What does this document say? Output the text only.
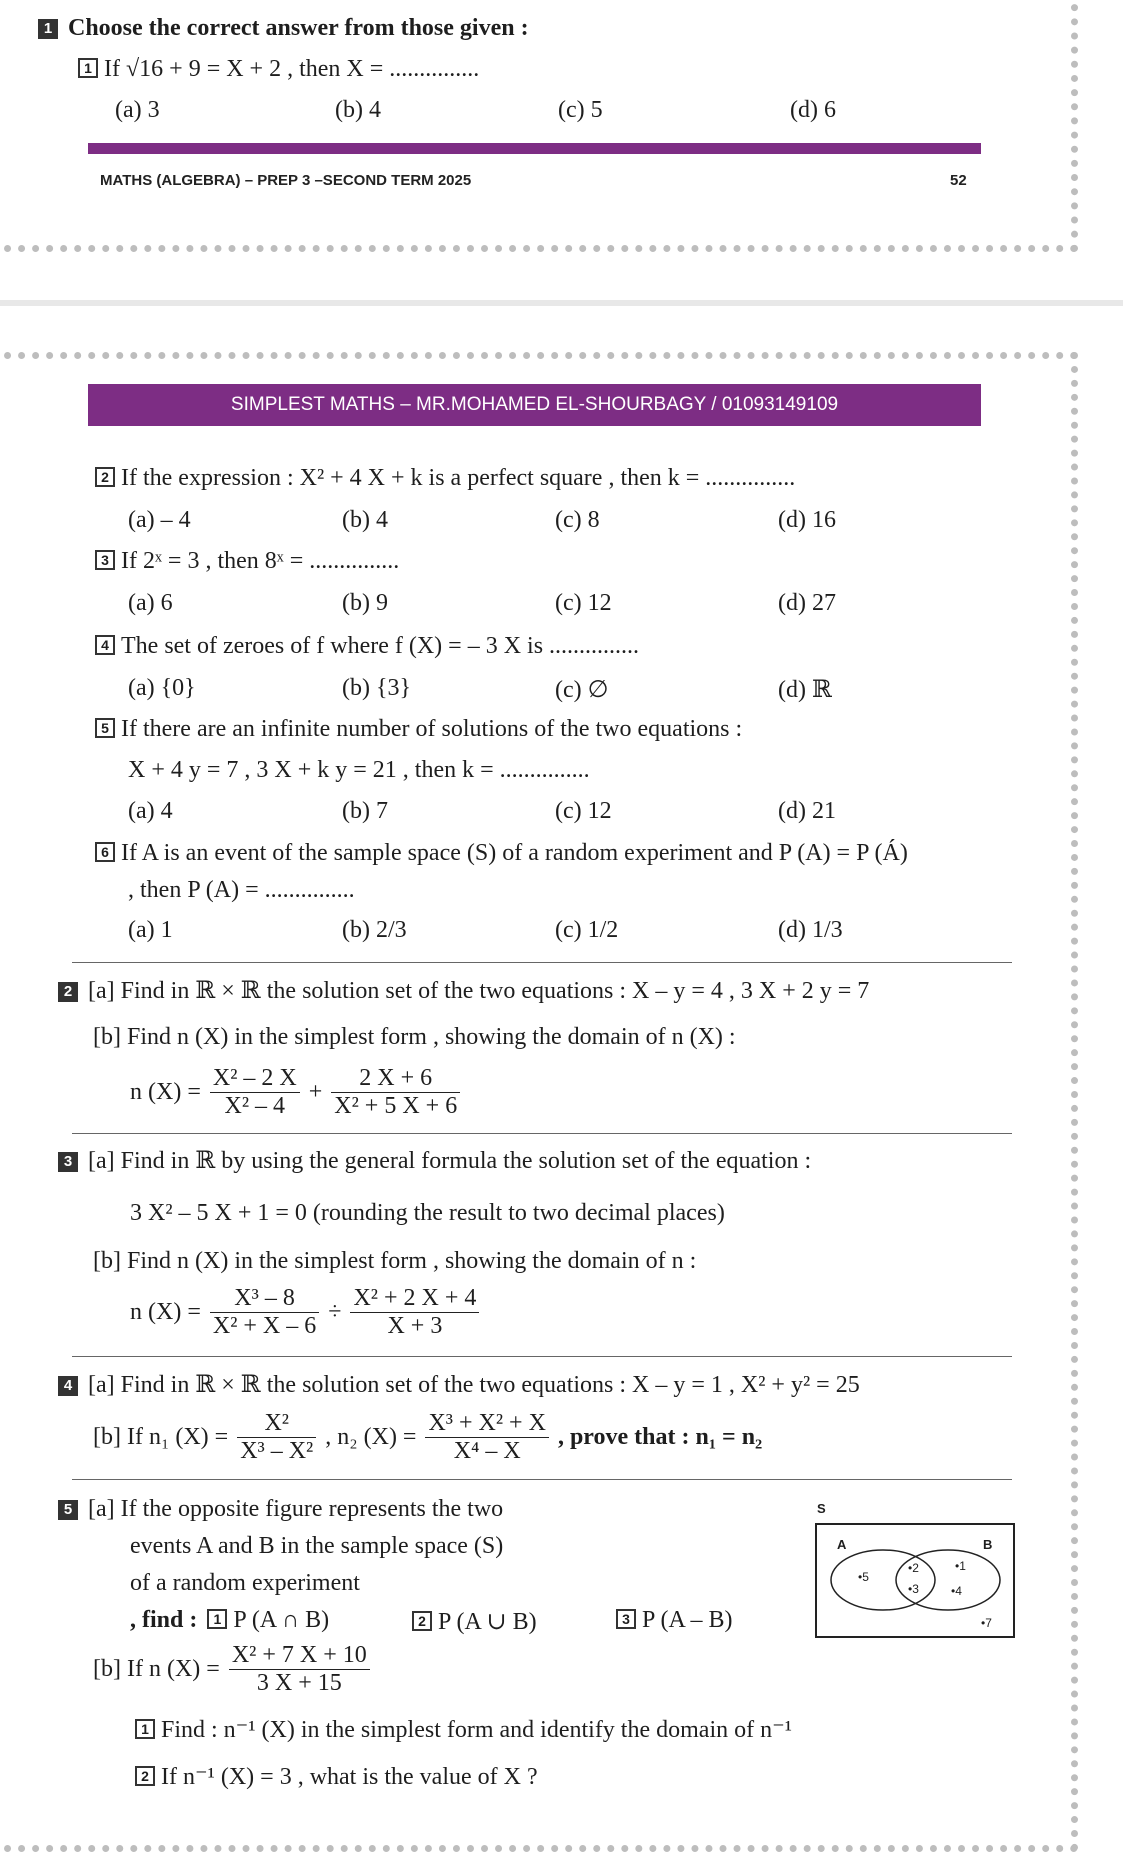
1 Choose the correct answer from those given :
1 If √16 + 9 = X + 2 , then X = ...............
(a) 3	(b) 4	(c) 5	(d) 6
MATHS (ALGEBRA) – PREP 3 –SECOND TERM 2025	52
SIMPLEST MATHS – MR.MOHAMED EL-SHOURBAGY / 01093149109
2 If the expression : X² + 4 X + k is a perfect square , then k = ...............
(a) – 4	(b) 4	(c) 8	(d) 16
3 If 2ˣ = 3 , then 8ˣ = ...............
(a) 6	(b) 9	(c) 12	(d) 27
4 The set of zeroes of f where f (X) = – 3 X is ...............
(a) {0}	(b) {3}	(c) ∅	(d) ℝ
5 If there are an infinite number of solutions of the two equations :
X + 4 y = 7 , 3 X + k y = 21 , then k = ...............
(a) 4	(b) 7	(c) 12	(d) 21
6 If A is an event of the sample space (S) of a random experiment and P (A) = P (Á)
, then P (A) = ...............
(a) 1	(b) 2/3	(c) 1/2	(d) 1/3
2 [a] Find in ℝ × ℝ the solution set of the two equations : X – y = 4 , 3 X + 2 y = 7
[b] Find n (X) in the simplest form , showing the domain of n (X) :
n $(X) = \frac{\text{X² – 2 X}}{\text{X² – 4}} + \frac{2 X + 6}{\text{X² + 5 X + 6}}$
3 [a] Find in ℝ by using the general formula the solution set of the equation :
3 X² – 5 X + 1 = 0 (rounding the result to two decimal places)
[b] Find n (X) in the simplest form , showing the domain of n :
n $(X) = \frac{\text{X³ – 8}}{\text{X² + X – 6}} \div \frac{\text{X² + 2 X + 4}}{X + 3}$
4 [a] Find in ℝ × ℝ the solution set of the two equations : X – y = 1 , X² + y² = 25
[b] If n₁ $(X) = \frac{\text{X²}}{\text{X³ – X²}}$ , n₂ $(X) = \frac{\text{X³ + X² + X}}{\text{X⁴ – X}}$ , prove that : n₁ = n₂
5 [a] If the opposite figure represents the two
events A and B in the sample space (S)
of a random experiment
, find : 1 P (A ∩ B)	2 P (A ∪ B)	3 P (A – B)
S
A	B
•5
•2
•3
•1
•4
•7
[b] If n $(X) = \frac{\text{X² + 7 X + 10}}{3 X + 15}$
1 Find : n⁻¹ (X) in the simplest form and identify the domain of n⁻¹
2 If n⁻¹ (X) = 3 , what is the value of X ?
